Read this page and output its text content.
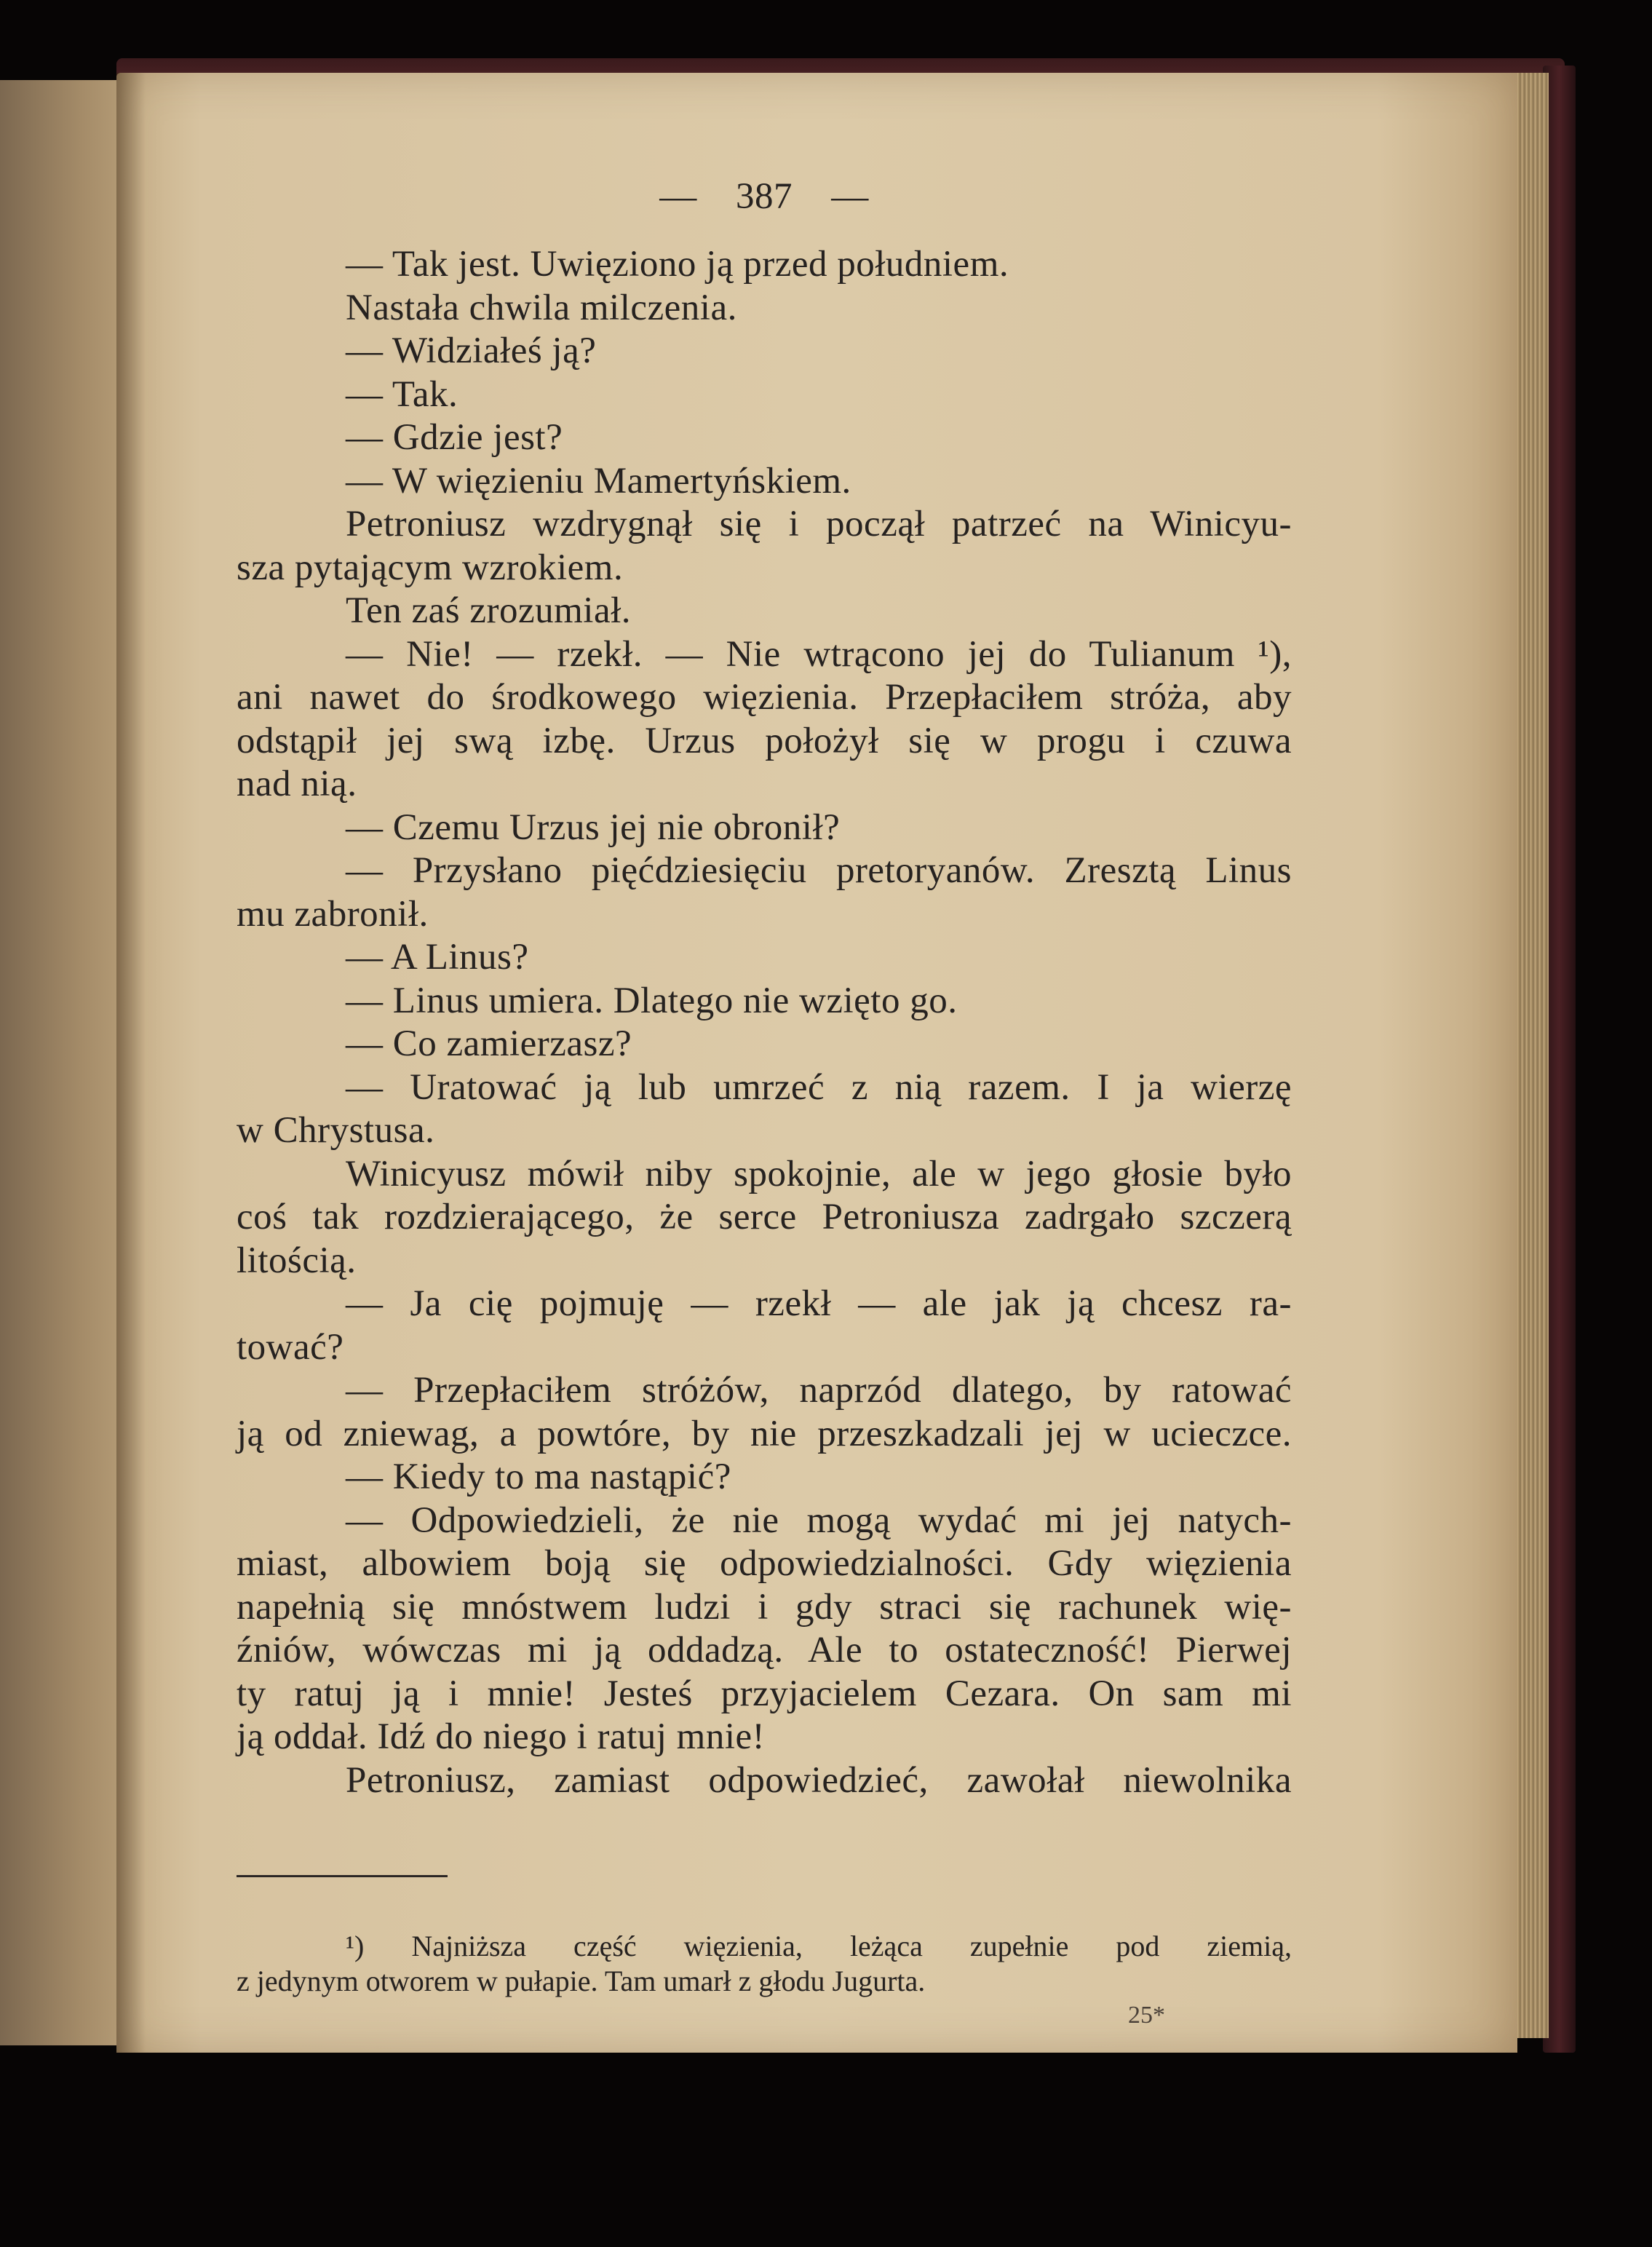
— 387 —
— Tak jest. Uwięziono ją przed południem.
Nastała chwila milczenia.
— Widziałeś ją?
— Tak.
— Gdzie jest?
— W więzieniu Mamertyńskiem.
Petroniusz wzdrygnął się i począł patrzeć na Winicyu-
sza pytającym wzrokiem.
Ten zaś zrozumiał.
— Nie! — rzekł. — Nie wtrącono jej do Tulianum ¹),
ani nawet do środkowego więzienia. Przepłaciłem stróża, aby
odstąpił jej swą izbę. Urzus położył się w progu i czuwa
nad nią.
— Czemu Urzus jej nie obronił?
— Przysłano pięćdziesięciu pretoryanów. Zresztą Linus
mu zabronił.
— A Linus?
— Linus umiera. Dlatego nie wzięto go.
— Co zamierzasz?
— Uratować ją lub umrzeć z nią razem. I ja wierzę
w Chrystusa.
Winicyusz mówił niby spokojnie, ale w jego głosie było
coś tak rozdzierającego, że serce Petroniusza zadrgało szczerą
litością.
— Ja cię pojmuję — rzekł — ale jak ją chcesz ra-
tować?
— Przepłaciłem stróżów, naprzód dlatego, by ratować
ją od zniewag, a powtóre, by nie przeszkadzali jej w ucieczce.
— Kiedy to ma nastąpić?
— Odpowiedzieli, że nie mogą wydać mi jej natych-
miast, albowiem boją się odpowiedzialności. Gdy więzienia
napełnią się mnóstwem ludzi i gdy straci się rachunek wię-
źniów, wówczas mi ją oddadzą. Ale to ostateczność! Pierwej
ty ratuj ją i mnie! Jesteś przyjacielem Cezara. On sam mi
ją oddał. Idź do niego i ratuj mnie!
Petroniusz, zamiast odpowiedzieć, zawołał niewolnika
¹) Najniższa część więzienia, leżąca zupełnie pod ziemią,
z jedynym otworem w pułapie. Tam umarł z głodu Jugurta.
25*
